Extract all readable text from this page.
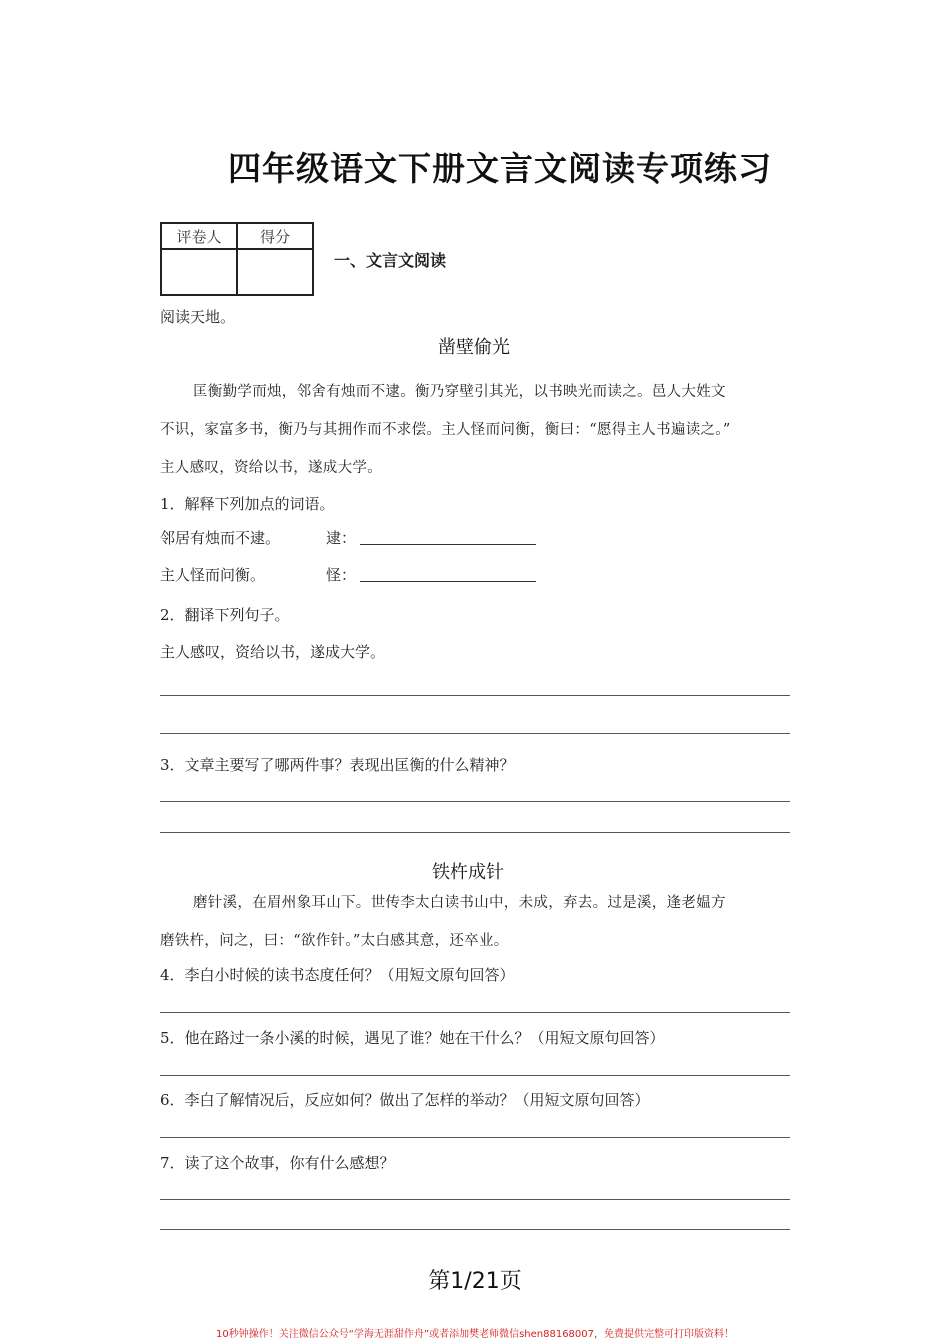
四年级语文下册文言文阅读专项练习
评卷人	得分

一、文言文阅读
阅读天地。
凿壁偷光
匡衡勤学而烛，邻舍有烛而不逮。衡乃穿壁引其光，以书映光而读之。邑人大姓文
不识，家富多书，衡乃与其拥作而不求偿。主人怪而问衡，衡曰：“愿得主人书遍读之。”
主人感叹，资给以书，遂成大学。
1．解释下列加点的词语。
邻居有烛而不逮。	逮：
主人怪而问衡。	怪：
2．翻译下列句子。
主人感叹，资给以书，遂成大学。
3．文章主要写了哪两件事？表现出匡衡的什么精神？
铁杵成针
磨针溪，在眉州象耳山下。世传李太白读书山中，未成，弃去。过是溪，逢老媪方
磨铁杵，问之，曰：“欲作针。”太白感其意，还卒业。
4．李白小时候的读书态度任何？（用短文原句回答）
5．他在路过一条小溪的时候，遇见了谁？她在干什么？（用短文原句回答）
6．李白了解情况后，反应如何？做出了怎样的举动？（用短文原句回答）
7．读了这个故事，你有什么感想？
第1/21页
10秒钟操作！关注微信公众号“学海无涯甜作舟”或者添加樊老师微信shen88168007，免费提供完整可打印版资料！
